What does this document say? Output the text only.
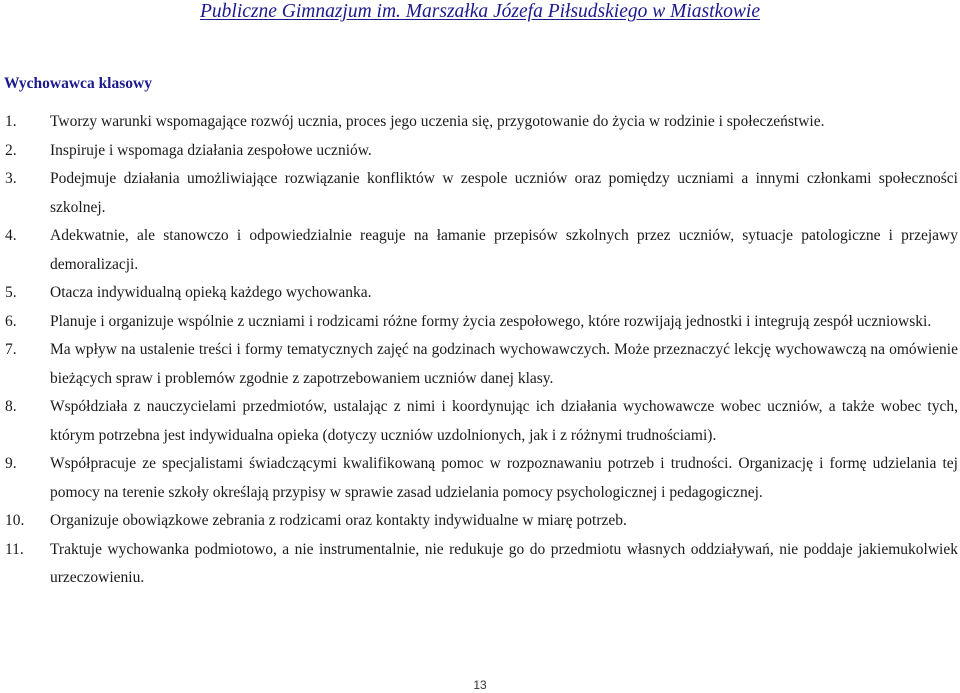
Publiczne Gimnazjum im. Marszałka Józefa Piłsudskiego w Miastkowie
Wychowawca klasowy
1. Tworzy warunki wspomagające rozwój ucznia, proces jego uczenia się, przygotowanie do życia w rodzinie i społeczeństwie.
2. Inspiruje i wspomaga działania zespołowe uczniów.
3. Podejmuje działania umożliwiające rozwiązanie konfliktów w zespole uczniów oraz pomiędzy uczniami a innymi członkami społeczności szkolnej.
4. Adekwatnie, ale stanowczo i odpowiedzialnie reaguje na łamanie przepisów szkolnych przez uczniów, sytuacje patologiczne i przejawy demoralizacji.
5. Otacza indywidualną opieką każdego wychowanka.
6. Planuje i organizuje wspólnie z uczniami i rodzicami różne formy życia zespołowego, które rozwijają jednostki i integrują zespół uczniowski.
7. Ma wpływ na ustalenie treści i formy tematycznych zajęć na godzinach wychowawczych. Może przeznaczyć lekcję wychowawczą na omówienie bieżących spraw i problemów zgodnie z zapotrzebowaniem uczniów danej klasy.
8. Współdziała z nauczycielami przedmiotów, ustalając z nimi i koordynując ich działania wychowawcze wobec uczniów, a także wobec tych, którym potrzebna jest indywidualna opieka (dotyczy uczniów uzdolnionych, jak i z różnymi trudnościami).
9. Współpracuje ze specjalistami świadczącymi kwalifikowaną pomoc w rozpoznawaniu potrzeb i trudności. Organizację i formę udzielania tej pomocy na terenie szkoły określają przypisy w sprawie zasad udzielania pomocy psychologicznej i pedagogicznej.
10. Organizuje obowiązkowe zebrania z rodzicami oraz kontakty indywidualne w miarę potrzeb.
11. Traktuje wychowanka podmiotowo, a nie instrumentalnie, nie redukuje go do przedmiotu własnych oddziaływań, nie poddaje jakiemukolwiek urzeczowieniu.
13
